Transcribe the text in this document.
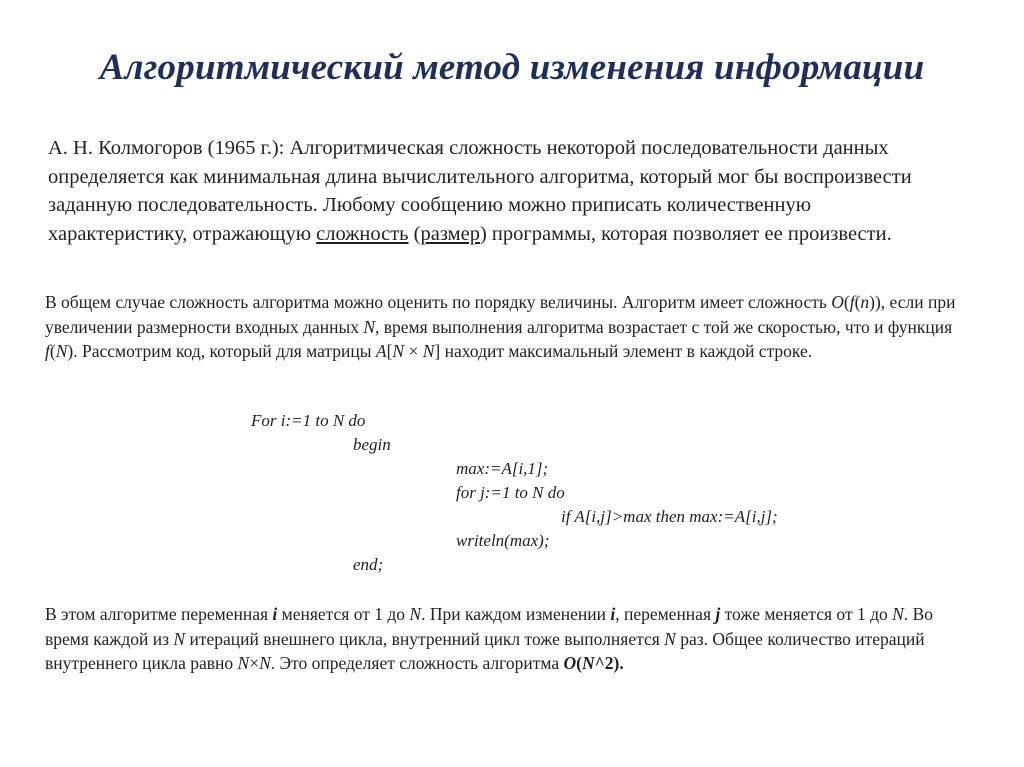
Алгоритмический метод изменения информации
А. Н. Колмогоров (1965 г.): Алгоритмическая сложность некоторой последовательности данных определяется как минимальная длина вычислительного алгоритма, который мог бы воспроизвести заданную последовательность. Любому сообщению можно приписать количественную характеристику, отражающую сложность (размер) программы, которая позволяет ее произвести.
В общем случае сложность алгоритма можно оценить по порядку величины. Алгоритм имеет сложность O(f(n)), если при увеличении размерности входных данных N, время выполнения алгоритма возрастает с той же скоростью, что и функция f(N). Рассмотрим код, который для матрицы A[N × N] находит максимальный элемент в каждой строке.
For i:=1 to N do
begin
max:=A[i,1];
for j:=1 to N do
if A[i,j]>max then max:=A[i,j];
writeln(max);
end;
В этом алгоритме переменная i меняется от 1 до N. При каждом изменении i, переменная j тоже меняется от 1 до N. Во время каждой из N итераций внешнего цикла, внутренний цикл тоже выполняется N раз. Общее количество итераций внутреннего цикла равно N×N. Это определяет сложность алгоритма O(N^2).
